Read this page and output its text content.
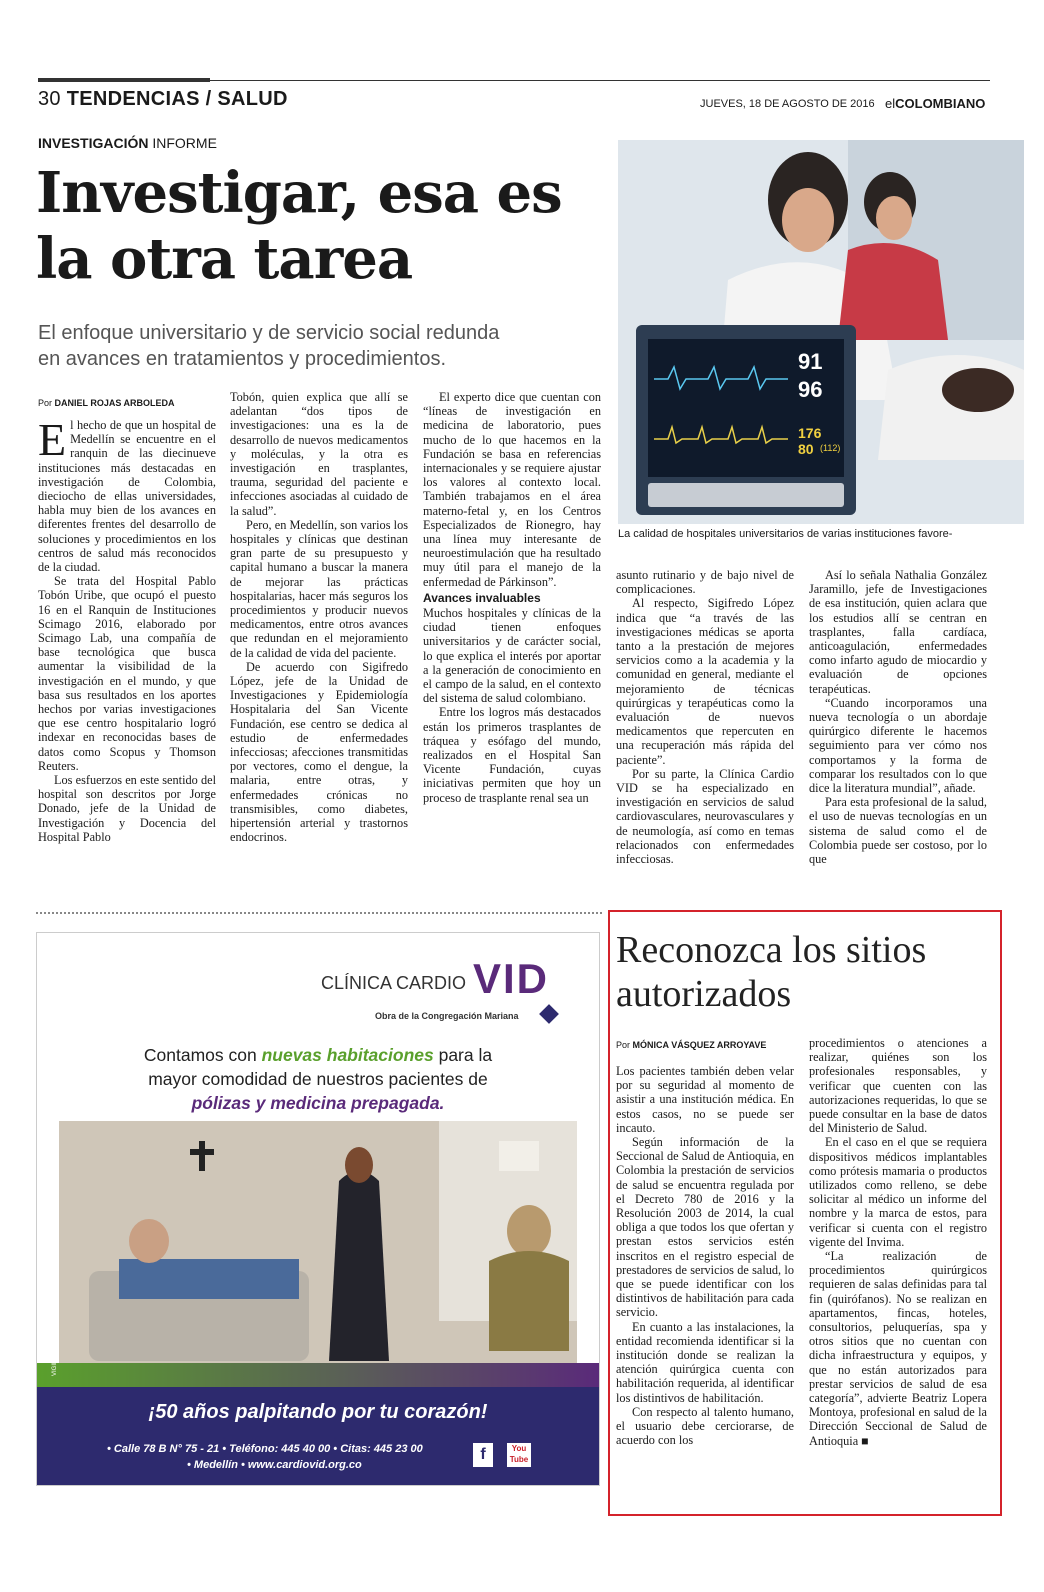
30 TENDENCIAS / SALUD	JUEVES, 18 DE AGOSTO DE 2016 elCOLOMBIANO
INVESTIGACIÓN INFORME
Investigar, esa es
la otra tarea
El enfoque universitario y de servicio social redunda
en avances en tratamientos y procedimientos.
Por DANIEL ROJAS ARBOLEDA
91
96
176
80 (112)
La calidad de hospitales universitarios de varias instituciones favore-

El hecho de que un hospital de Medellín se encuentre en el ranquin de las diecinueve instituciones más destacadas en investigación de Colombia, dieciocho de ellas universidades, habla muy bien de los avances en diferentes frentes del desarrollo de soluciones y procedimientos en los centros de salud más reconocidos de la ciudad.

Se trata del Hospital Pablo Tobón Uribe, que ocupó el puesto 16 en el Ranquin de Instituciones Scimago 2016, elaborado por Scimago Lab, una compañía de base tecnológica que busca aumentar la visibilidad de la investigación en el mundo, y que basa sus resultados en los aportes hechos por varias investigaciones que ese centro hospitalario logró indexar en reconocidas bases de datos como Scopus y Thomson Reuters.

Los esfuerzos en este sentido del hospital son descritos por Jorge Donado, jefe de la Unidad de Investigación y Docencia del Hospital Pablo

Tobón, quien explica que allí se adelantan “dos tipos de investigaciones: una es la de desarrollo de nuevos medicamentos y moléculas, y la otra es investigación en trasplantes, trauma, seguridad del paciente e infecciones asociadas al cuidado de la salud”.

Pero, en Medellín, son varios los hospitales y clínicas que destinan gran parte de su presupuesto y capital humano a buscar la manera de mejorar las prácticas hospitalarias, hacer más seguros los procedimientos y producir nuevos medicamentos, entre otros avances que redundan en el mejoramiento de la calidad de vida del paciente.

De acuerdo con Sigifredo López, jefe de la Unidad de Investigaciones y Epidemiología Hospitalaria del San Vicente Fundación, ese centro se dedica al estudio de enfermedades infecciosas; afecciones transmitidas por vectores, como el dengue, la malaria, entre otras, y enfermedades crónicas no transmisibles, como diabetes, hipertensión arterial y trastornos endocrinos.

El experto dice que cuentan con “líneas de investigación en medicina de laboratorio, pues mucho de lo que hacemos en la Fundación se basa en referencias internacionales y se requiere ajustar los valores al contexto local. También trabajamos en el área materno-fetal y, en los Centros Especializados de Rionegro, hay una línea muy interesante de neuroestimulación que ha resultado muy útil para el manejo de la enfermedad de Párkinson”.

Avances invaluables

Muchos hospitales y clínicas de la ciudad tienen enfoques universitarios y de carácter social, lo que explica el interés por aportar a la generación de conocimiento en el campo de la salud, en el contexto del sistema de salud colombiano.

Entre los logros más destacados están los primeros trasplantes de tráquea y esófago del mundo, realizados en el Hospital San Vicente Fundación, cuyas iniciativas permiten que hoy un proceso de trasplante renal sea un

asunto rutinario y de bajo nivel de complicaciones.

Al respecto, Sigifredo López indica que “a través de las investigaciones médicas se aporta tanto a la prestación de mejores servicios como a la academia y la comunidad en general, mediante el mejoramiento de técnicas quirúrgicas y terapéuticas como la evaluación de nuevos medicamentos que repercuten en una recuperación más rápida del paciente”.

Por su parte, la Clínica Cardio VID se ha especializado en investigación en servicios de salud cardiovasculares, neurovasculares y de neumología, así como en temas relacionados con enfermedades infecciosas.

Así lo señala Nathalia González Jaramillo, jefe de Investigaciones de esa institución, quien aclara que los estudios allí se centran en trasplantes, falla cardíaca, anticoagulación, enfermedades como infarto agudo de miocardio y evaluación de opciones terapéuticas.

“Cuando incorporamos una nueva tecnología o un abordaje quirúrgico diferente le hacemos seguimiento para ver cómo nos comportamos y la forma de comparar los resultados con lo que dice la literatura mundial”, añade.

Para esta profesional de la salud, el uso de nuevas tecnologías en un sistema de salud como el de Colombia puede ser costoso, por lo que

CLÍNICA CARDIO VID
Obra de la Congregación Mariana
Contamos con nuevas habitaciones para la
mayor comodidad de nuestros pacientes de
pólizas y medicina prepagada.
¡50 años palpitando por tu corazón!
• Calle 78 B N° 75 - 21 • Teléfono: 445 40 00 • Citas: 445 23 00
• Medellín • www.cardiovid.org.co
f	You Tube
VIGILADO Supersalud
Reconozca los sitios
autorizados
Por MÓNICA VÁSQUEZ ARROYAVE

Los pacientes también deben velar por su seguridad al momento de asistir a una institución médica. En estos casos, no se puede ser incauto.

Según información de la Seccional de Salud de Antioquia, en Colombia la prestación de servicios de salud se encuentra regulada por el Decreto 780 de 2016 y la Resolución 2003 de 2014, la cual obliga a que todos los que ofertan y prestan estos servicios estén inscritos en el registro especial de prestadores de servicios de salud, lo que se puede identificar con los distintivos de habilitación para cada servicio.

En cuanto a las instalaciones, la entidad recomienda identificar si la institución donde se realizan la atención quirúrgica cuenta con habilitación requerida, al identificar los distintivos de habilitación.

Con respecto al talento humano, el usuario debe cerciorarse, de acuerdo con los

procedimientos o atenciones a realizar, quiénes son los profesionales responsables, y verificar que cuenten con las autorizaciones requeridas, lo que se puede consultar en la base de datos del Ministerio de Salud.

En el caso en el que se requiera dispositivos médicos implantables como prótesis mamaria o productos utilizados como relleno, se debe solicitar al médico un informe del nombre y la marca de estos, para verificar si cuenta con el registro vigente del Invima.

“La realización de procedimientos quirúrgicos requieren de salas definidas para tal fin (quirófanos). No se realizan en apartamentos, fincas, hoteles, consultorios, peluquerías, spa y otros sitios que no cuentan con dicha infraestructura y equipos, y que no están autorizados para prestar servicios de salud de esa categoría”, advierte Beatriz Lopera Montoya, profesional en salud de la Dirección Seccional de Salud de Antioquia ■
